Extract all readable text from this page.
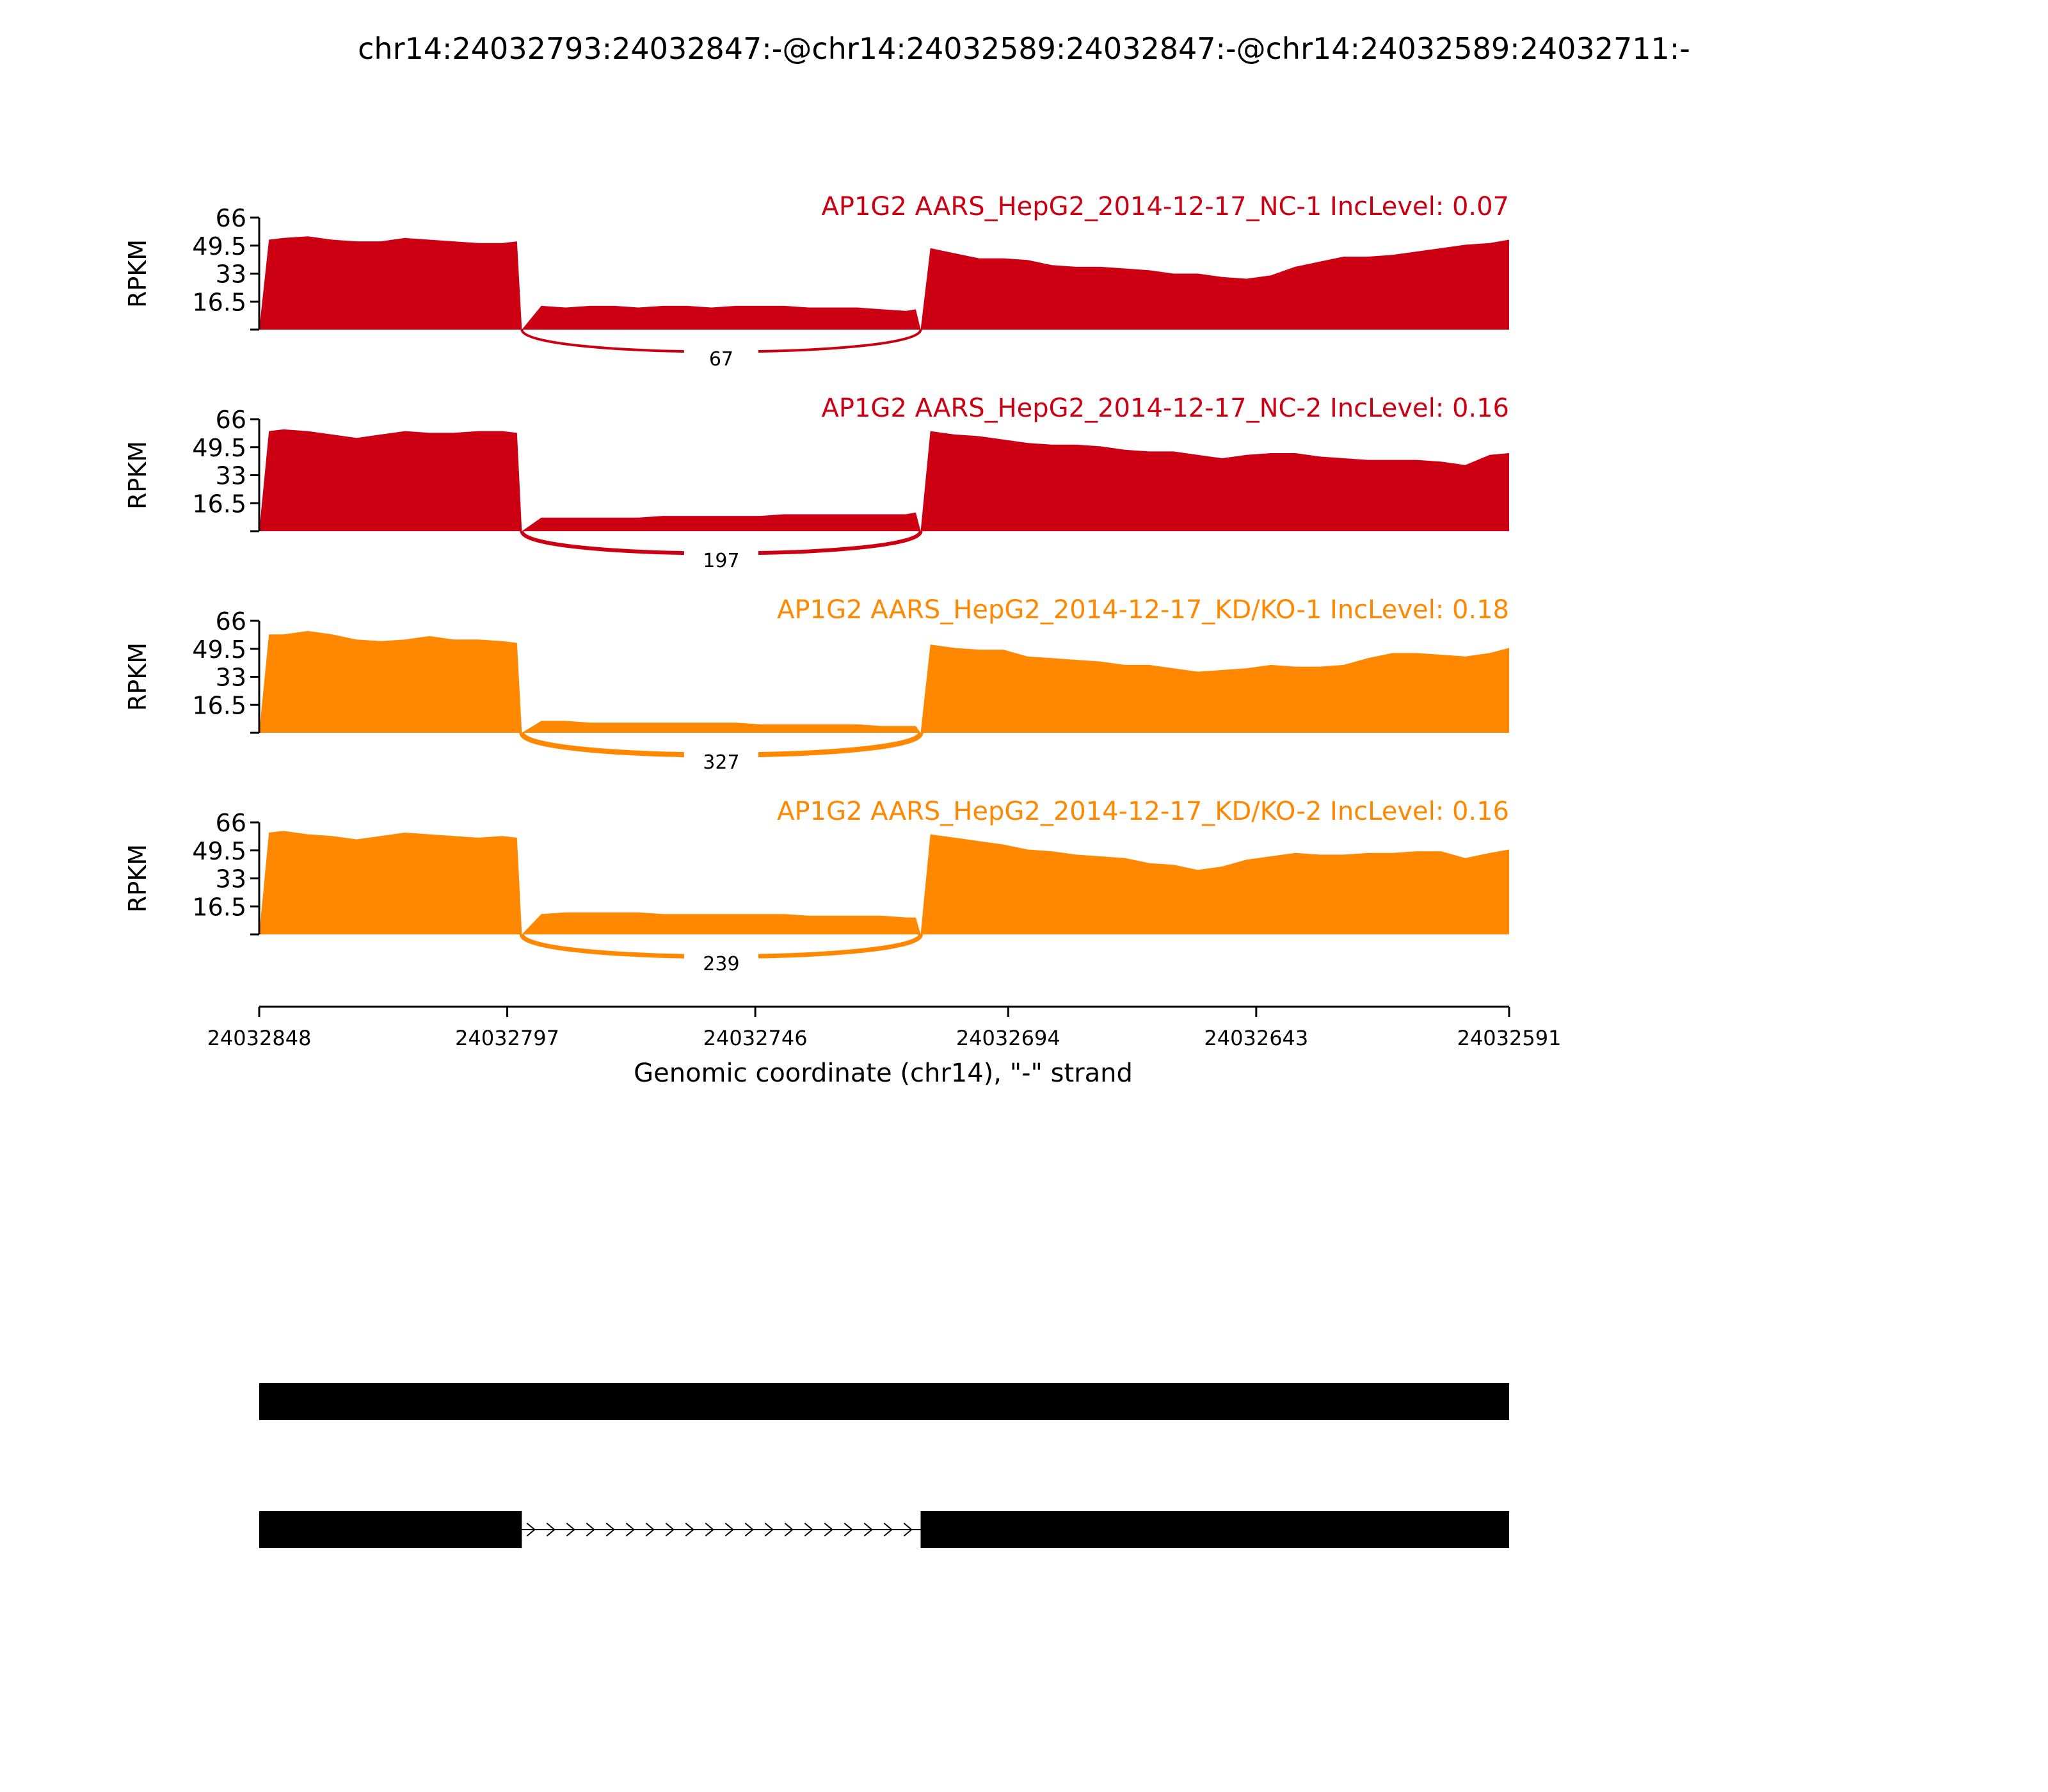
chr14:24032793:24032847:-@chr14:24032589:24032847:-@chr14:24032589:24032711:-
16.5
33
49.5
66
RPKM
AP1G2 AARS_HepG2_2014-12-17_NC-1 IncLevel: 0.07
67
16.5
33
49.5
66
RPKM
AP1G2 AARS_HepG2_2014-12-17_NC-2 IncLevel: 0.16
197
16.5
33
49.5
66
RPKM
AP1G2 AARS_HepG2_2014-12-17_KD/KO-1 IncLevel: 0.18
327
16.5
33
49.5
66
RPKM
AP1G2 AARS_HepG2_2014-12-17_KD/KO-2 IncLevel: 0.16
239
24032848	24032797	24032746	24032694	24032643	24032591
Genomic coordinate (chr14), "-" strand
